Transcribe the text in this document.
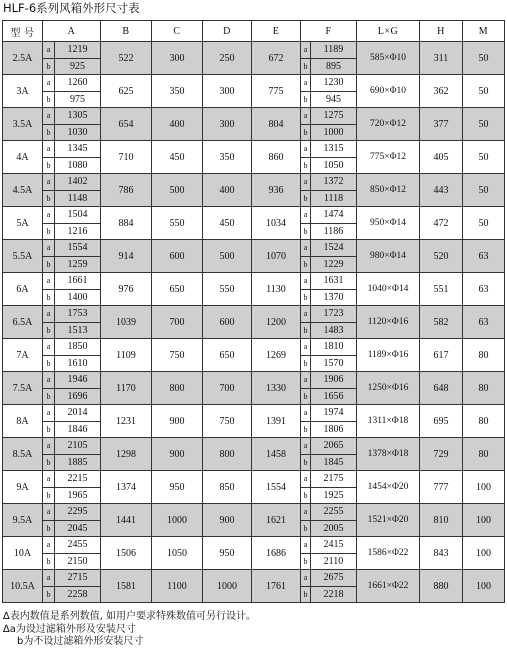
HLF-6系列风箱外形尺寸表
型 号	A		B	C	D	E	F		L×G	H	M
2.5A	a	1219	522	300	250	672	a	1189	585×Φ10	311	50
	b	925					b	895			
3A	a	1260	625	350	300	775	a	1230	690×Φ10	362	50
	b	975					b	945			
3.5A	a	1305	654	400	300	804	a	1275	720×Φ12	377	50
	b	1030					b	1000			
4A	a	1345	710	450	350	860	a	1315	775×Φ12	405	50
	b	1080					b	1050			
4.5A	a	1402	786	500	400	936	a	1372	850×Φ12	443	50
	b	1148					b	1118			
5A	a	1504	884	550	450	1034	a	1474	950×Φ14	472	50
	b	1216					b	1186			
5.5A	a	1554	914	600	500	1070	a	1524	980×Φ14	520	63
	b	1259					b	1229			
6A	a	1661	976	650	550	1130	a	1631	1040×Φ14	551	63
	b	1400					b	1370			
6.5A	a	1753	1039	700	600	1200	a	1723	1120×Φ16	582	63
	b	1513					b	1483			
7A	a	1850	1109	750	650	1269	a	1810	1189×Φ16	617	80
	b	1610					b	1570			
7.5A	a	1946	1170	800	700	1330	a	1906	1250×Φ16	648	80
	b	1696					b	1656			
8A	a	2014	1231	900	750	1391	a	1974	1311×Φ18	695	80
	b	1846					b	1806			
8.5A	a	2105	1298	900	800	1458	a	2065	1378×Φ18	729	80
	b	1885					b	1845			
9A	a	2215	1374	950	850	1554	a	2175	1454×Φ20	777	100
	b	1965					b	1925			
9.5A	a	2295	1441	1000	900	1621	a	2255	1521×Φ20	810	100
	b	2045					b	2005			
10A	a	2455	1506	1050	950	1686	a	2415	1586×Φ22	843	100
	b	2150					b	2110			
10.5A	a	2715	1581	1100	1000	1761	a	2675	1661×Φ22	880	100
	b	2258					b	2218			
∆表内数值是系列数值, 如用户要求特殊数值可另行设计。
∆a为设过滤箱外形及安装尺寸
b为不设过滤箱外形安装尺寸
